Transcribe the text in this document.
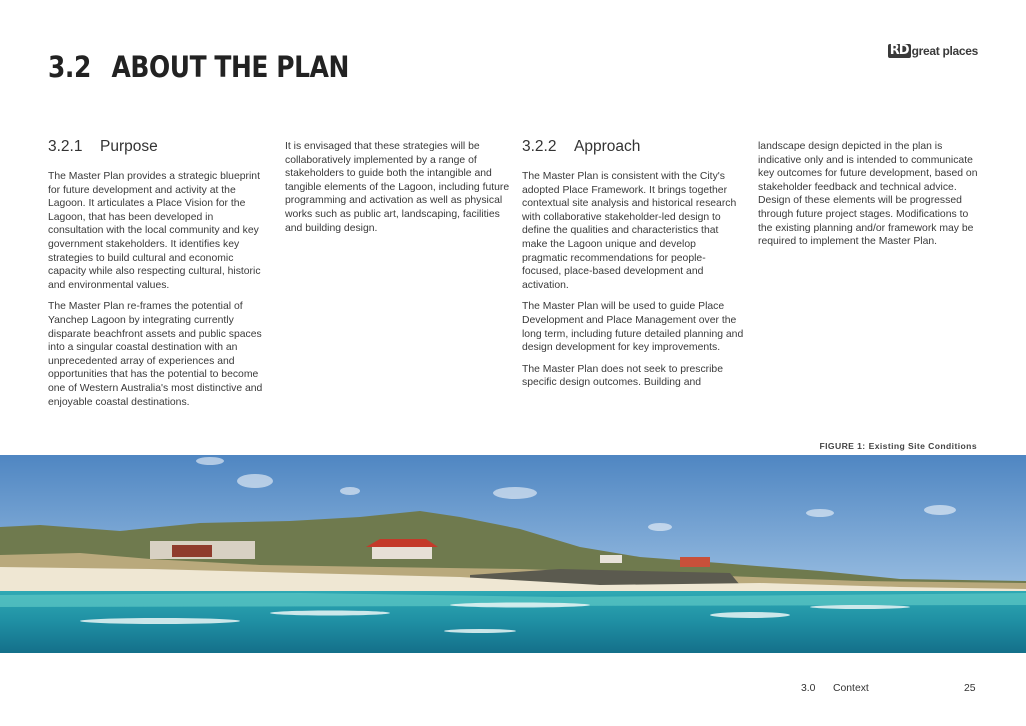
3.2 ABOUT THE PLAN	RD great places
3.2.1 Purpose

The Master Plan provides a strategic blueprint for future development and activity at the Lagoon. It articulates a Place Vision for the Lagoon, that has been developed in consultation with the local community and key government stakeholders. It identifies key strategies to build cultural and economic capacity while also respecting cultural, historic and environmental values.

The Master Plan re-frames the potential of Yanchep Lagoon by integrating currently disparate beachfront assets and public spaces into a singular coastal destination with an unprecedented array of experiences and opportunities that has the potential to become one of Western Australia's most distinctive and enjoyable coastal destinations.

It is envisaged that these strategies will be collaboratively implemented by a range of stakeholders to guide both the intangible and tangible elements of the Lagoon, including future programming and activation as well as physical works such as public art, landscaping, facilities and building design.

3.2.2 Approach

The Master Plan is consistent with the City's adopted Place Framework. It brings together contextual site analysis and historical research with collaborative stakeholder-led design to define the qualities and characteristics that make the Lagoon unique and develop pragmatic recommendations for people-focused, place-based development and activation.

The Master Plan will be used to guide Place Development and Place Management over the long term, including future detailed planning and design development for key improvements.

The Master Plan does not seek to prescribe specific design outcomes. Building and

landscape design depicted in the plan is indicative only and is intended to communicate key outcomes for future development, based on stakeholder feedback and technical advice. Design of these elements will be progressed through future project stages. Modifications to the existing planning and/or framework may be required to implement the Master Plan.

FIGURE 1: Existing Site Conditions
3.0 Context	25
